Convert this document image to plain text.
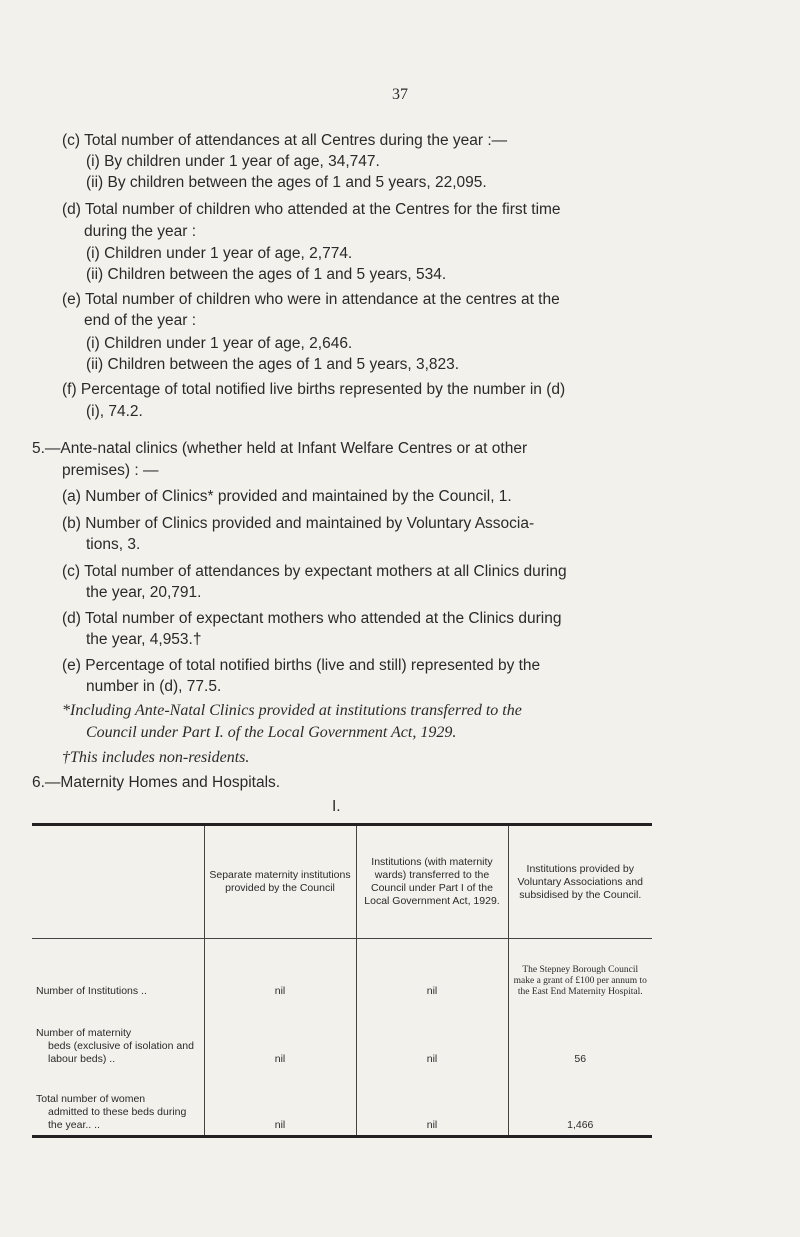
37
(c) Total number of attendances at all Centres during the year :—
(i) By children under 1 year of age, 34,747.
(ii) By children between the ages of 1 and 5 years, 22,095.
(d) Total number of children who attended at the Centres for the first time
during the year :
(i) Children under 1 year of age, 2,774.
(ii) Children between the ages of 1 and 5 years, 534.
(e) Total number of children who were in attendance at the centres at the
end of the year :
(i) Children under 1 year of age, 2,646.
(ii) Children between the ages of 1 and 5 years, 3,823.
(f) Percentage of total notified live births represented by the number in (d)
(i), 74.2.
5.—Ante-natal clinics (whether held at Infant Welfare Centres or at other
premises) : —
(a) Number of Clinics* provided and maintained by the Council, 1.
(b) Number of Clinics provided and maintained by Voluntary Associa-
tions, 3.
(c) Total number of attendances by expectant mothers at all Clinics during
the year, 20,791.
(d) Total number of expectant mothers who attended at the Clinics during
the year, 4,953.†
(e) Percentage of total notified births (live and still) represented by the
number in (d), 77.5.
*Including Ante-Natal Clinics provided at institutions transferred to the
Council under Part I. of the Local Government Act, 1929.
†This includes non-residents.
6.—Maternity Homes and Hospitals.
I.
	Separate maternity institutions provided by the Council	Institutions (with maternity wards) transferred to the Council under Part I of the Local Government Act, 1929.	Institutions provided by Voluntary Associations and subsidised by the Council.
Number of Institutions ..	nil	nil	The Stepney Borough Council make a grant of £100 per annum to the East End Maternity Hospital.
Number of maternity
beds (exclusive of isolation and labour beds) ..	nil	nil	56
Total number of women
admitted to these beds during the year.. ..	nil	nil	1,466
